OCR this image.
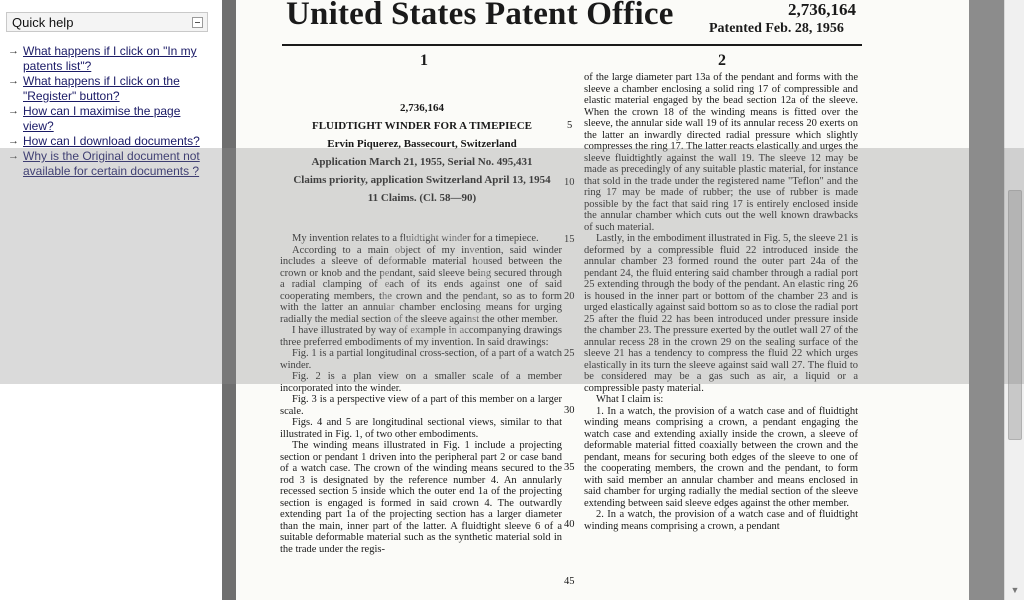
Quick help
→ What happens if I click on "In my patents list"?
→ What happens if I click on the "Register" button?
→ How can I maximise the page view?
→ How can I download documents?
→ Why is the Original document not available for certain documents ?
United States Patent Office	2,736,164
Patented Feb. 28, 1956
1	2
2,736,164
FLUIDTIGHT WINDER FOR A TIMEPIECE
Ervin Piquerez, Bassecourt, Switzerland
Application March 21, 1955, Serial No. 495,431
Claims priority, application Switzerland April 13, 1954
11 Claims. (Cl. 58—90)

My invention relates to a fluidtight winder for a timepiece.

According to a main object of my invention, said winder includes a sleeve of deformable material housed between the crown or knob and the pendant, said sleeve being secured through a radial clamping of each of its ends against one of said cooperating members, the crown and the pendant, so as to form with the latter an annular chamber enclosing means for urging radially the medial section of the sleeve against the other member.

I have illustrated by way of example in accompanying drawings three preferred embodiments of my invention. In said drawings:

Fig. 1 is a partial longitudinal cross-section, of a part of a watch winder.

Fig. 2 is a plan view on a smaller scale of a member incorporated into the winder.

Fig. 3 is a perspective view of a part of this member on a larger scale.

Figs. 4 and 5 are longitudinal sectional views, similar to that illustrated in Fig. 1, of two other embodiments.

The winding means illustrated in Fig. 1 include a projecting section or pendant 1 driven into the peripheral part 2 or case band of a watch case. The crown of the winding means secured to the rod 3 is designated by the reference number 4. An annularly recessed section 5 inside which the outer end 1a of the projecting section is engaged is formed in said crown 4. The outwardly extending part 1a of the projecting section has a larger diameter than the main, inner part of the latter. A fluidtight sleeve 6 of a suitable deformable material such as the synthetic material sold in the trade under the regis-

5
10
15
20
25
30
35
40
45

of the large diameter part 13a of the pendant and forms with the sleeve a chamber enclosing a solid ring 17 of compressible and elastic material engaged by the bead section 12a of the sleeve. When the crown 18 of the winding means is fitted over the sleeve, the annular side wall 19 of its annular recess 20 exerts on the latter an inwardly directed radial pressure which slightly compresses the ring 17. The latter reacts elastically and urges the sleeve fluidtightly against the wall 19. The sleeve 12 may be made as precedingly of any suitable plastic material, for instance that sold in the trade under the registered name "Teflon" and the ring 17 may be made of rubber; the use of rubber is made possible by the fact that said ring 17 is entirely enclosed inside the annular chamber which cuts out the well known drawbacks of such material.

Lastly, in the embodiment illustrated in Fig. 5, the sleeve 21 is deformed by a compressible fluid 22 introduced inside the annular chamber 23 formed round the outer part 24a of the pendant 24, the fluid entering said chamber through a radial port 25 extending through the body of the pendant. An elastic ring 26 is housed in the inner part or bottom of the chamber 23 and is urged elastically against said bottom so as to close the radial port 25 after the fluid 22 has been introduced under pressure inside the chamber 23. The pressure exerted by the outlet wall 27 of the annular recess 28 in the crown 29 on the sealing surface of the sleeve 21 has a tendency to compress the fluid 22 which urges elastically in its turn the sleeve against said wall 27. The fluid to be considered may be a gas such as air, a liquid or a compressible pasty material.

What I claim is:

1. In a watch, the provision of a watch case and of fluidtight winding means comprising a crown, a pendant engaging the watch case and extending axially inside the crown, a sleeve of deformable material fitted coaxially between the crown and the pendant, means for securing both edges of the sleeve to one of the cooperating members, the crown and the pendant, to form with said member an annular chamber and means enclosed in said chamber for urging radially the medial section of the sleeve extending between said sleeve edges against the other member.

2. In a watch, the provision of a watch case and of fluidtight winding means comprising a crown, a pendant

▼
